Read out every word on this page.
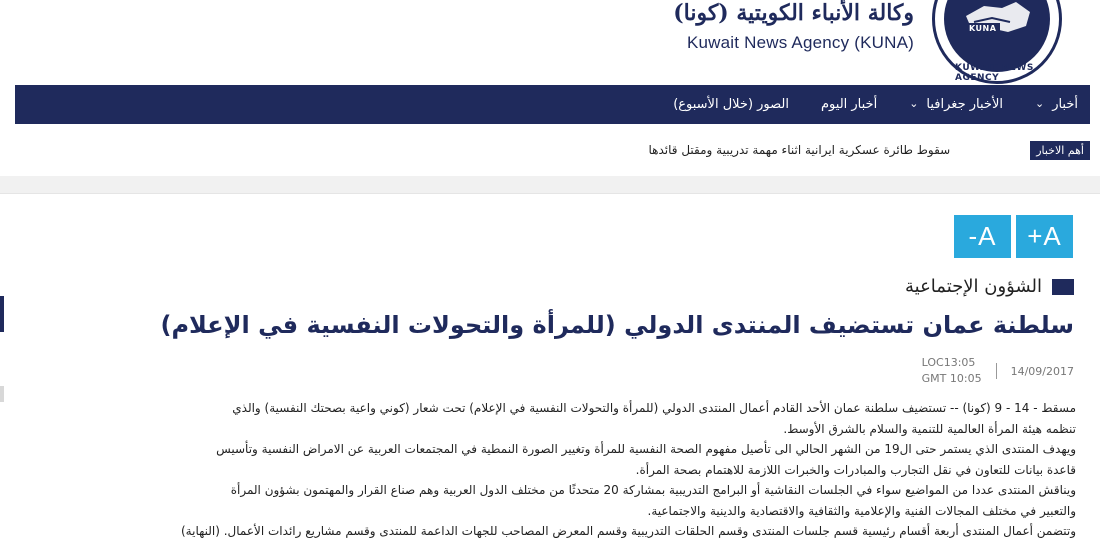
KUNA
KUWAIT NEWS AGENCY
وكالة الأنباء الكويتية (كونا)
Kuwait News Agency (KUNA)
أخبار
⌄
الأخبار جغرافيا
⌄
أخبار اليوم
الصور (خلال الأسبوع)
أهم الاخبار
سقوط طائرة عسكرية ايرانية اثناء مهمة تدريبية ومقتل قائدها
-A	+A
الشؤون الإجتماعية
سلطنة عمان تستضيف المنتدى الدولي (للمرأة والتحولات النفسية في الإعلام)
14/09/2017
LOC13:05
GMT 10:05

مسقط - 14 - 9 (كونا) -- تستضيف سلطنة عمان الأحد القادم أعمال المنتدى الدولي (للمرأة والتحولات النفسية في الإعلام) تحت شعار (كوني واعية بصحتك النفسية) والذي

تنظمه هيئة المرأة العالمية للتنمية والسلام بالشرق الأوسط.

ويهدف المنتدى الذي يستمر حتى ال19 من الشهر الحالي الى تأصيل مفهوم الصحة النفسية للمرأة وتغيير الصورة النمطية في المجتمعات العربية عن الامراض النفسية وتأسيس

قاعدة بيانات للتعاون في نقل التجارب والمبادرات والخبرات اللازمة للاهتمام بصحة المرأة.

ويناقش المنتدى عددا من المواضيع سواء في الجلسات النقاشية أو البرامج التدريبية بمشاركة 20 متحدثًا من مختلف الدول العربية وهم صناع القرار والمهتمون بشؤون المرأة

والتعبير في مختلف المجالات الفنية والإعلامية والثقافية والاقتصادية والدينية والاجتماعية.

وتتضمن أعمال المنتدى أربعة أقسام رئيسية قسم جلسات المنتدى وقسم الحلقات التدريبية وقسم المعرض المصاحب للجهات الداعمة للمنتدى وقسم مشاريع رائدات الأعمال. (النهاية)
